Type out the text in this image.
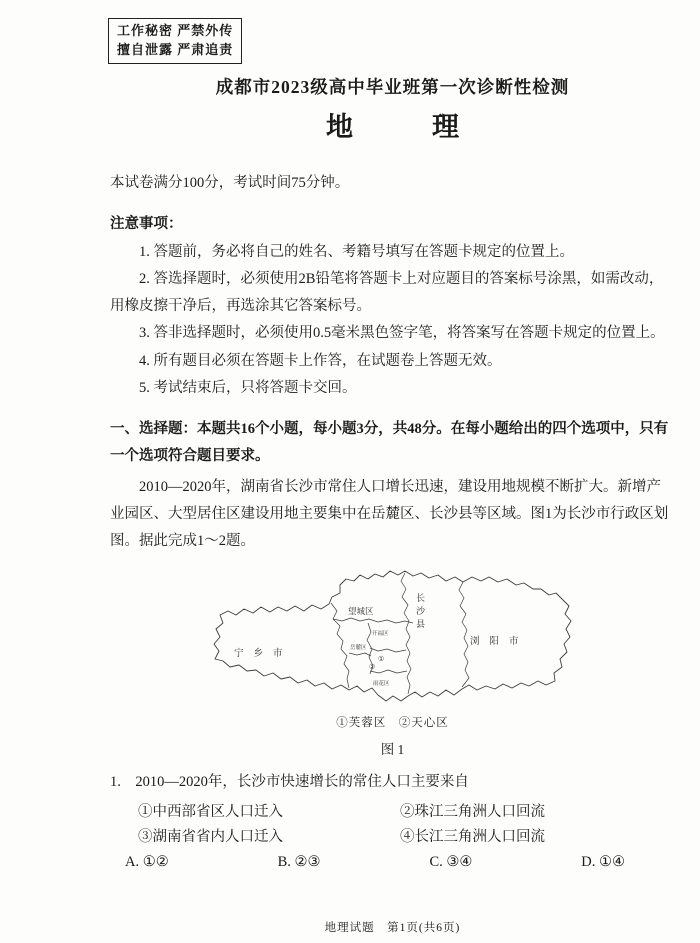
工作秘密 严禁外传
擅自泄露 严肃追责
成都市2023级高中毕业班第一次诊断性检测
地　理

本试卷满分100分，考试时间75分钟。

注意事项：

1. 答题前，务必将自己的姓名、考籍号填写在答题卡规定的位置上。

2. 答选择题时，必须使用2B铅笔将答题卡上对应题目的答案标号涂黑，如需改动，用橡皮擦干净后，再选涂其它答案标号。

3. 答非选择题时，必须使用0.5毫米黑色签字笔，将答案写在答题卡规定的位置上。

4. 所有题目必须在答题卡上作答，在试题卷上答题无效。

5. 考试结束后，只将答题卡交回。

一、选择题：本题共16个小题，每小题3分，共48分。在每小题给出的四个选项中，只有一个选项符合题目要求。

2010—2020年，湖南省长沙市常住人口增长迅速，建设用地规模不断扩大。新增产业园区、大型居住区建设用地主要集中在岳麓区、长沙县等区域。图1为长沙市行政区划图。据此完成1～2题。

望城区	长沙县
浏阳市
宁乡市
开福区
岳麓区
雨花区
①
②
①芙蓉区　②天心区
图 1

1.　2010—2020年，长沙市快速增长的常住人口主要来自

①中西部省区人口迁入	②珠江三角洲人口回流
③湖南省省内人口迁入	④长江三角洲人口回流
A. ①②	B. ②③	C. ③④	D. ①④
地理试题　第1页(共6页)
